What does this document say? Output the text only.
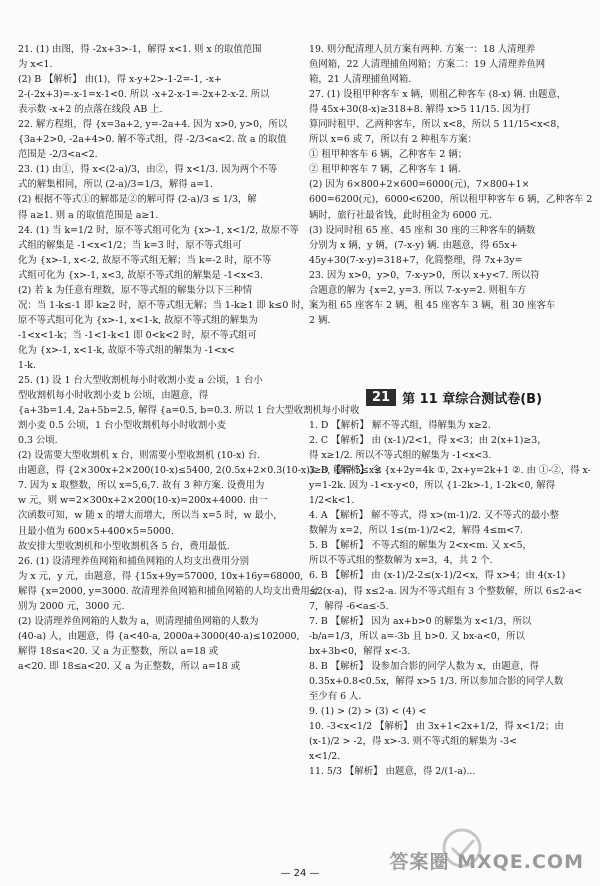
21. (1) 由图，得 -2x+3>-1，解得 x<1. 则 x 的取值范围
为 x<1.
(2) B 【解析】 由(1)，得 x-y+2>-1-2=-1, -x+
2-(-2x+3)=-x-1=x-1<0. 所以 -x+2-x-1=-2x+2-x-2. 所以
表示数 -x+2 的点落在线段 AB 上.
22. 解方程组，得 {x=3a+2, y=-2a+4. 因为 x>0, y>0，所以
{3a+2>0, -2a+4>0. 解不等式组，得 -2/3<a<2. 故 a 的取值
范围是 -2/3<a<2.
23. (1) 由①，得 x<(2-a)/3，由②，得 x<1/3. 因为两个不等
式的解集相同，所以 (2-a)/3=1/3，解得 a=1.
(2) 根据不等式①的解都是②的解可得 (2-a)/3 ≤ 1/3，解
得 a≥1. 则 a 的取值范围是 a≥1.
24. (1) 当 k=1/2 时，原不等式组可化为 {x>-1, x<1/2, 故原不等
式组的解集是 -1<x<1/2；当 k=3 时，原不等式组可
化为 {x>-1, x<-2, 故原不等式组无解；当 k=-2 时，原不等
式组可化为 {x>-1, x<3, 故原不等式组的解集是 -1<x<3.
(2) 若 k 为任意有理数，原不等式组的解集分以下三种情
况：当 1-k≤-1 即 k≥2 时，原不等式组无解；当 1-k≥1 即 k≤0 时，
原不等式组可化为 {x>-1, x<1-k, 故原不等式组的解集为
-1<x<1-k；当 -1<1-k<1 即 0<k<2 时，原不等式组可
化为 {x>-1, x<1-k, 故原不等式组的解集为 -1<x<
1-k.
25. (1) 设 1 台大型收割机每小时收割小麦 a 公顷，1 台小
型收割机每小时收割小麦 b 公顷，由题意，得
{a+3b=1.4, 2a+5b=2.5, 解得 {a=0.5, b=0.3. 所以 1 台大型收割机每小时收
割小麦 0.5 公顷，1 台小型收割机每小时收割小麦
0.3 公顷.
(2) 设需要大型收割机 x 台，则需要小型收割机 (10-x) 台.
由题意，得 {2×300x+2×200(10-x)≤5400, 2(0.5x+2×0.3(10-x))≥8, 解得 5≤x≤
7. 因为 x 取整数，所以 x=5,6,7. 故有 3 种方案. 设费用为
w 元，则 w=2×300x+2×200(10-x)=200x+4000. 由一
次函数可知，w 随 x 的增大而增大，所以当 x=5 时，w 最小，
且最小值为 600×5+400×5=5000.
故安排大型收割机和小型收割机各 5 台，费用最低.
26. (1) 设清理养鱼网箱和捕鱼网箱的人均支出费用分别
为 x 元，y 元，由题意，得 {15x+9y=57000, 10x+16y=68000,
解得 {x=2000, y=3000. 故清理养鱼网箱和捕鱼网箱的人均支出费用分
别为 2000 元，3000 元.
(2) 设清理养鱼网箱的人数为 a，则清理捕鱼网箱的人数为
(40-a) 人，由题意，得 {a<40-a, 2000a+3000(40-a)≤102000,
解得 18≤a<20. 又 a 为正整数，所以 a=18 或
a<20. 即 18≤a<20. 又 a 为正整数，所以 a=18 或
19. 则分配清理人员方案有两种. 方案一：18 人清理养
鱼网箱，22 人清理捕鱼网箱；方案二：19 人清理养鱼网
箱，21 人清理捕鱼网箱.
27. (1) 设租甲种客车 x 辆，则租乙种客车 (8-x) 辆. 由题意，
得 45x+30(8-x)≥318+8. 解得 x>5 11/15. 因为打
算同时租甲、乙两种客车，所以 x<8，所以 5 11/15<x<8，
所以 x=6 或 7，所以有 2 种租车方案：
① 租甲种客车 6 辆，乙种客车 2 辆；
② 租甲种客车 7 辆，乙种客车 1 辆.
(2) 因为 6×800+2×600=6000(元)，7×800+1×
600=6200(元)，6000<6200，所以租甲种客车 6 辆，乙种客车 2
辆时，旅行社最省钱，此时租金为 6000 元.
(3) 设同时租 65 座、45 座和 30 座的三种客车的辆数
分别为 x 辆，y 辆，(7-x-y) 辆. 由题意，得 65x+
45y+30(7-x-y)=318+7，化简整理，得 7x+3y=
23. 因为 x>0，y>0，7-x-y>0，所以 x+y<7. 所以符
合题意的解为 {x=2, y=3. 所以 7-x-y=2. 则租车方
案为租 65 座客车 2 辆，租 45 座客车 3 辆，租 30 座客车
2 辆.
21 第 11 章综合测试卷(B)
1. D 【解析】 解不等式组，得解集为 x≥2.
2. C 【解析】 由 (x-1)/2<1，得 x<3；由 2(x+1)≥3，
得 x≥1/2. 所以不等式组的解集为 -1<x<3.
3. D 【解析】 令 {x+2y=4k ①, 2x+y=2k+1 ②. 由 ①-②，得 x-
y=1-2k. 因为 -1<x-y<0，所以 {1-2k>-1, 1-2k<0, 解得
1/2<k<1.
4. A 【解析】 解不等式，得 x>(m-1)/2. 又不等式的最小整
数解为 x=2，所以 1≤(m-1)/2<2，解得 4≤m<7.
5. B 【解析】 不等式组的解集为 2<x<m. 又 x<5，
所以不等式组的整数解为 x=3，4，共 2 个.
6. B 【解析】 由 (x-1)/2-2≤(x-1)/2<x，得 x>4；由 4(x-1)
≤2(x-a)，得 x≤2-a. 因为不等式组有 3 个整数解，所以 6≤2-a<
7，解得 -6<a≤-5.
7. B 【解析】 因为 ax+b>0 的解集为 x<1/3，所以
-b/a=1/3，所以 a=-3b 且 b>0. 又 bx-a<0，所以
bx+3b<0，解得 x<-3.
8. B 【解析】 设参加合影的同学人数为 x，由题意，得
0.35x+0.8<0.5x，解得 x>5 1/3. 所以参加合影的同学人数
至少有 6 人.
9. (1) > (2) > (3) < (4) <
10. -3<x<1/2 【解析】 由 3x+1<2x+1/2，得 x<1/2；由
(x-1)/2 > -2，得 x>-3. 则不等式组的解集为 -3<
x<1/2.
11. 5/3 【解析】 由题意，得 2/(1-a)...
— 24 —
答案圈 MXQE.COM
